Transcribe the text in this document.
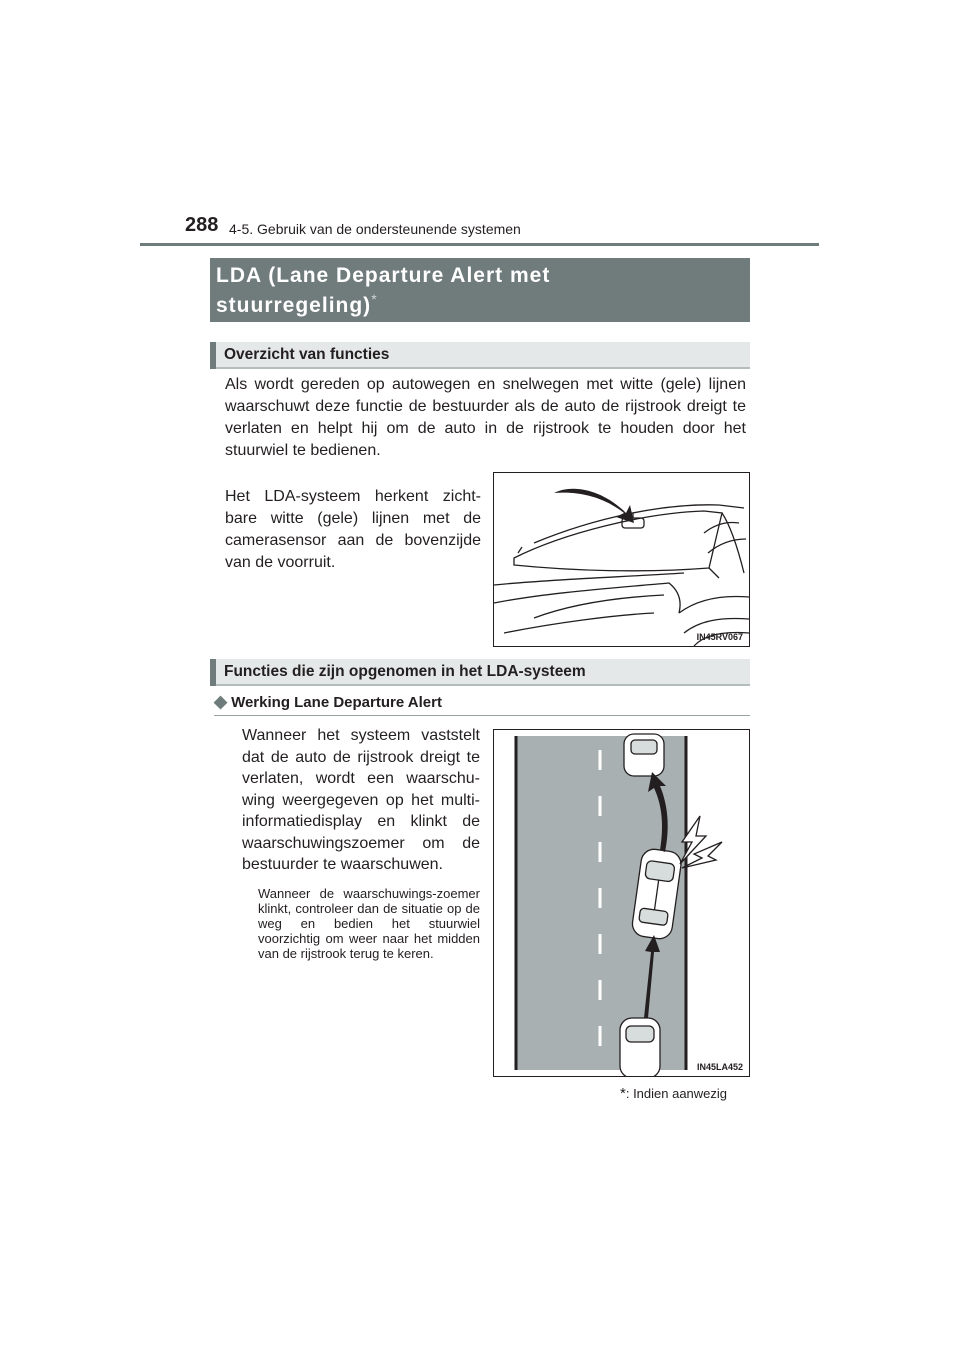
288 4-5. Gebruik van de ondersteunende systemen
LDA (Lane Departure Alert met
stuurregeling)*
Overzicht van functies

Als wordt gereden op autowegen en snelwegen met witte (gele) lijnen waarschuwt deze functie de bestuurder als de auto de rijstrook dreigt te verlaten en helpt hij om de auto in de rijstrook te houden door het stuurwiel te bedienen.

Het LDA-systeem herkent zicht-bare witte (gele) lijnen met de camerasensor aan de bovenzijde van de voorruit.

IN45RV067
Functies die zijn opgenomen in het LDA-systeem
◆ Werking Lane Departure Alert

Wanneer het systeem vaststelt dat de auto de rijstrook dreigt te verlaten, wordt een waarschu-wing weergegeven op het multi-informatiedisplay en klinkt de waarschuwingszoemer om de bestuurder te waarschuwen.

Wanneer de waarschuwings-zoemer klinkt, controleer dan de situatie op de weg en bedien het stuurwiel voorzichtig om weer naar het midden van de rijstrook terug te keren.

IN45LA452
*: Indien aanwezig
